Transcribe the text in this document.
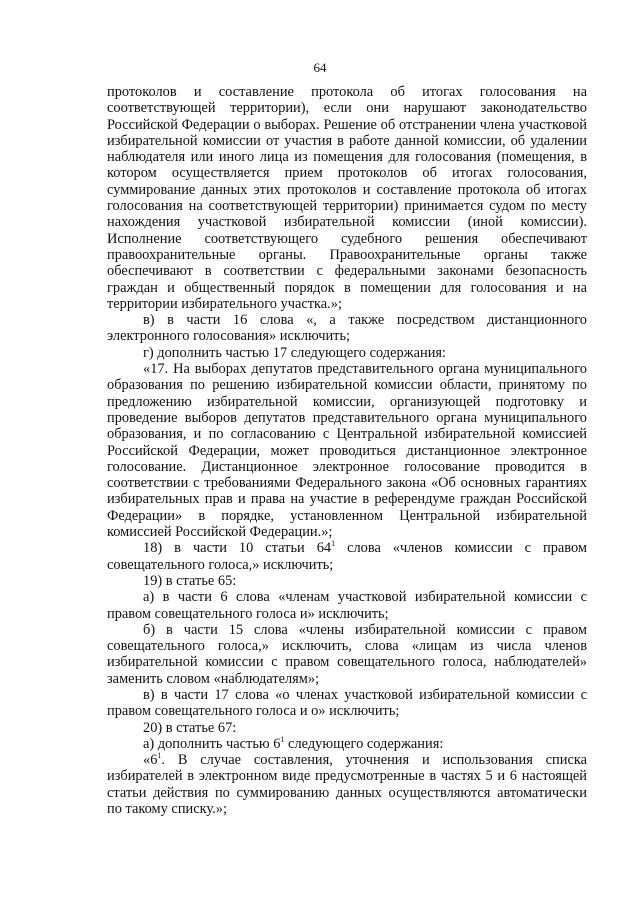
64

протоколов и составление протокола об итогах голосования на соответствующей территории), если они нарушают законодательство Российской Федерации о выборах. Решение об отстранении члена участковой избирательной комиссии от участия в работе данной комиссии, об удалении наблюдателя или иного лица из помещения для голосования (помещения, в котором осуществляется прием протоколов об итогах голосования, суммирование данных этих протоколов и составление протокола об итогах голосования на соответствующей территории) принимается судом по месту нахождения участковой избирательной комиссии (иной комиссии). Исполнение соответствующего судебного решения обеспечивают правоохранительные органы. Правоохранительные органы также обеспечивают в соответствии с федеральными законами безопасность граждан и общественный порядок в помещении для голосования и на территории избирательного участка.»;

в) в части 16 слова «, а также посредством дистанционного электронного голосования» исключить;

г) дополнить частью 17 следующего содержания:

«17. На выборах депутатов представительного органа муниципального образования по решению избирательной комиссии области, принятому по предложению избирательной комиссии, организующей подготовку и проведение выборов депутатов представительного органа муниципального образования, и по согласованию с Центральной избирательной комиссией Российской Федерации, может проводиться дистанционное электронное голосование. Дистанционное электронное голосование проводится в соответствии с требованиями Федерального закона «Об основных гарантиях избирательных прав и права на участие в референдуме граждан Российской Федерации» в порядке, установленном Центральной избирательной комиссией Российской Федерации.»;

18) в части 10 статьи $64^1$ слова «членов комиссии с правом совещательного голоса,» исключить;

19) в статье 65:

а) в части 6 слова «членам участковой избирательной комиссии с правом совещательного голоса и» исключить;

б) в части 15 слова «члены избирательной комиссии с правом совещательного голоса,» исключить, слова «лицам из числа членов избирательной комиссии с правом совещательного голоса, наблюдателей» заменить словом «наблюдателям»;

в) в части 17 слова «о членах участковой избирательной комиссии с правом совещательного голоса и о» исключить;

20) в статье 67:

а) дополнить частью $6^1$ следующего содержания:

«$6^1$. В случае составления, уточнения и использования списка избирателей в электронном виде предусмотренные в частях 5 и 6 настоящей статьи действия по суммированию данных осуществляются автоматически по такому списку.»;
